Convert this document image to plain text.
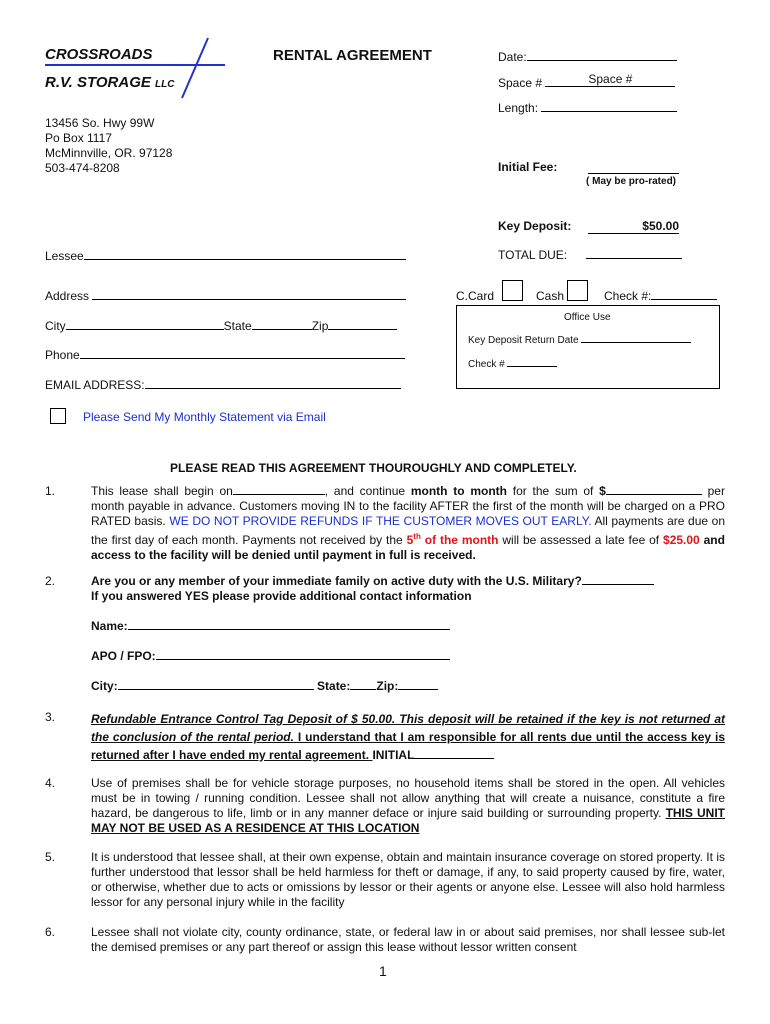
CROSSROADS
R.V. STORAGE LLC
13456 So. Hwy 99W
Po Box 1117
McMinnville, OR. 97128
503-474-8208
RENTAL AGREEMENT	Date:
Space #	Space #
Length:
Initial Fee:
( May be pro-rated)
Key Deposit:	$50.00
TOTAL DUE:
Lessee
Address
City	State	Zip
Phone
EMAIL ADDRESS:
C.Card	Cash	Check #:
Office Use
Key Deposit Return Date
Check #
Please Send My Monthly Statement via Email
PLEASE READ THIS AGREEMENT THOUROUGHLY AND COMPLETELY.
1.	This lease shall begin on	, and continue month to month for the sum of $	per month payable in advance. Customers moving IN to the facility AFTER the first of the month will be charged on a PRO RATED basis. WE DO NOT PROVIDE REFUNDS IF THE CUSTOMER MOVES OUT EARLY. All payments are due on the first day of each month. Payments not received by the 5th of the month will be assessed a late fee of $25.00 and access to the facility will be denied until payment in full is received.
2.	Are you or any member of your immediate family on active duty with the U.S. Military?
If you answered YES please provide additional contact information
Name:
APO / FPO:
City:	State: Zip:
3.	Refundable Entrance Control Tag Deposit of $ 50.00. This deposit will be retained if the key is not returned at the conclusion of the rental period. I understand that I am responsible for all rents due until the access key is returned after I have ended my rental agreement. INITIAL
4.	Use of premises shall be for vehicle storage purposes, no household items shall be stored in the open. All vehicles must be in towing / running condition. Lessee shall not allow anything that will create a nuisance, constitute a fire hazard, be dangerous to life, limb or in any manner deface or injure said building or surrounding property. THIS UNIT MAY NOT BE USED AS A RESIDENCE AT THIS LOCATION
5.	It is understood that lessee shall, at their own expense, obtain and maintain insurance coverage on stored property. It is further understood that lessor shall be held harmless for theft or damage, if any, to said property caused by fire, water, or otherwise, whether due to acts or omissions by lessor or their agents or anyone else. Lessee will also hold harmless lessor for any personal injury while in the facility
6.	Lessee shall not violate city, county ordinance, state, or federal law in or about said premises, nor shall lessee sub-let the demised premises or any part thereof or assign this lease without lessor written consent
1
